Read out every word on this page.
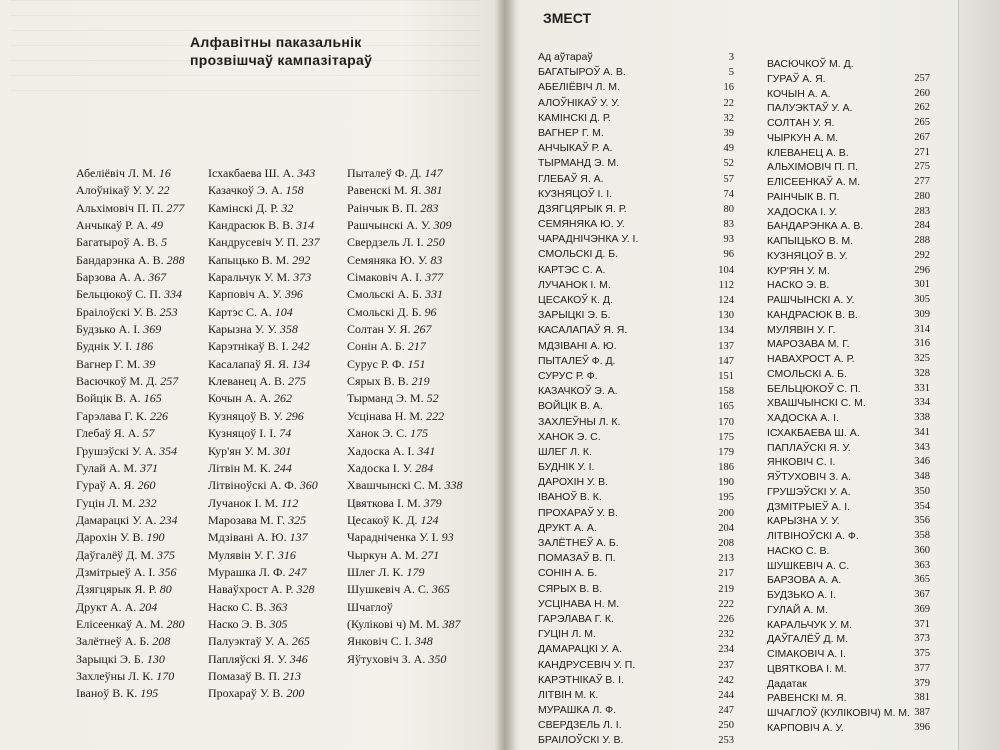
Алфавітны паказальнік
прозвішчаў кампазітараў
Абеліёвіч Л. М. 16
Алоўнікаў У. У. 22
Альхімовіч П. П. 277
Анчыкаў Р. А. 49
Багатыроў А. В. 5
Бандарэнка А. В. 288
Барзова А. А. 367
Бельцюкоў С. П. 334
Браілоўскі У. В. 253
Будзько А. І. 369
Буднік У. І. 186
Вагнер Г. М. 39
Васючкоў М. Д. 257
Войцік В. А. 165
Гарэлава Г. К. 226
Глебаў Я. А. 57
Грушэўскі У. А. 354
Гулай А. М. 371
Гураў А. Я. 260
Гуцін Л. М. 232
Дамарацкі У. А. 234
Дарохін У. В. 190
Даўгалёў Д. М. 375
Дзмітрыеў А. І. 356
Дзягцярык Я. Р. 80
Друкт А. А. 204
Елісеенкаў А. М. 280
Залётнеў А. Б. 208
Зарыцкі Э. Б. 130
Захлеўны Л. К. 170
Іваноў В. К. 195
Ісхакбаева Ш. А. 343
Казачкоў Э. А. 158
Камінскі Д. Р. 32
Кандрасюк В. В. 314
Кандрусевіч У. П. 237
Капыцько В. М. 292
Каральчук У. М. 373
Карповіч А. У. 396
Картэс С. А. 104
Карызна У. У. 358
Карэтнікаў В. І. 242
Касалапаў Я. Я. 134
Клеванец А. В. 275
Кочын А. А. 262
Кузняцоў В. У. 296
Кузняцоў І. І. 74
Кур'ян У. М. 301
Літвін М. К. 244
Літвіноўскі А. Ф. 360
Лучанок І. М. 112
Марозава М. Г. 325
Мдзівані А. Ю. 137
Мулявін У. Г. 316
Мурашка Л. Ф. 247
Наваўхрост А. Р. 328
Наско С. В. 363
Наско Э. В. 305
Палуэктаў У. А. 265
Папляўскі Я. У. 346
Помазаў В. П. 213
Прохараў У. В. 200
Пыталеў Ф. Д. 147
Равенскі М. Я. 381
Раінчык В. П. 283
Рашчынскі А. У. 309
Свердзель Л. І. 250
Семяняка Ю. У. 83
Сімаковіч А. І. 377
Смольскі А. Б. 331
Смольскі Д. Б. 96
Солтан У. Я. 267
Сонін А. Б. 217
Сурус Р. Ф. 151
Сярых В. В. 219
Тырманд Э. М. 52
Усцінава Н. М. 222
Ханок Э. С. 175
Хадоска А. І. 341
Хадоска І. У. 284
Хвашчынскі С. М. 338
Цвяткова І. М. 379
Цесакоў К. Д. 124
Чарадніченка У. І. 93
Чыркун А. М. 271
Шлег Л. К. 179
Шушкевіч А. С. 365
Шчаглоў
(Кулікові ч) М. М. 387
Янковіч С. І. 348
Яўтуховіч З. А. 350
ЗМЕСТ
Ад аўтараў	3
БАГАТЫРОЎ А. В.	5
АБЕЛІЁВІЧ Л. М.	16
АЛОЎНІКАЎ У. У.	22
КАМІНСКІ Д. Р.	32
ВАГНЕР Г. М.	39
АНЧЫКАЎ Р. А.	49
ТЫРМАНД Э. М.	52
ГЛЕБАЎ Я. А.	57
КУЗНЯЦОЎ І. І.	74
ДЗЯГЦЯРЫК Я. Р.	80
СЕМЯНЯКА Ю. У.	83
ЧАРАДНІЧЭНКА У. І.	93
СМОЛЬСКІ Д. Б.	96
КАРТЭС С. А.	104
ЛУЧАНОК І. М.	112
ЦЕСАКОЎ К. Д.	124
ЗАРЫЦКІ Э. Б.	130
КАСАЛАПАЎ Я. Я.	134
МДЗІВАНІ А. Ю.	137
ПЫТАЛЕЎ Ф. Д.	147
СУРУС Р. Ф.	151
КАЗАЧКОЎ Э. А.	158
ВОЙЦІК В. А.	165
ЗАХЛЕЎНЫ Л. К.	170
ХАНОК Э. С.	175
ШЛЕГ Л. К.	179
БУДНІК У. І.	186
ДАРОХІН У. В.	190
ІВАНОЎ В. К.	195
ПРОХАРАЎ У. В.	200
ДРУКТ А. А.	204
ЗАЛЁТНЕЎ А. Б.	208
ПОМАЗАЎ В. П.	213
СОНІН А. Б.	217
СЯРЫХ В. В.	219
УСЦІНАВА Н. М.	222
ГАРЭЛАВА Г. К.	226
ГУЦІН Л. М.	232
ДАМАРАЦКІ У. А.	234
КАНДРУСЕВІЧ У. П.	237
КАРЭТНІКАЎ В. І.	242
ЛІТВІН М. К.	244
МУРАШКА Л. Ф.	247
СВЕРДЗЕЛЬ Л. І.	250
БРАІЛОЎСКІ У. В.	253
ВАСЮЧКОЎ М. Д.
ГУРАЎ А. Я.	257
КОЧЫН А. А.	260
ПАЛУЭКТАЎ У. А.	262
СОЛТАН У. Я.	265
ЧЫРКУН А. М.	267
КЛЕВАНЕЦ А. В.	271
АЛЬХІМОВІЧ П. П.	275
ЕЛІСЕЕНКАЎ А. М.	277
РАІНЧЫК В. П.	280
ХАДОСКА І. У.	283
БАНДАРЭНКА А. В.	284
КАПЫЦЬКО В. М.	288
КУЗНЯЦОЎ В. У.	292
КУР'ЯН У. М.	296
НАСКО Э. В.	301
РАШЧЫНСКІ А. У.	305
КАНДРАСЮК В. В.	309
МУЛЯВІН У. Г.	314
МАРОЗАВА М. Г.	316
НАВАХРОСТ А. Р.	325
СМОЛЬСКІ А. Б.	328
БЕЛЬЦЮКОЎ С. П.	331
ХВАШЧЫНСКІ С. М.	334
ХАДОСКА А. І.	338
ІСХАКБАЕВА Ш. А.	341
ПАПЛАЎСКІ Я. У.	343
ЯНКОВІЧ С. І.	346
ЯЎТУХОВІЧ З. А.	348
ГРУШЭЎСКІ У. А.	350
ДЗМІТРЫЕЎ А. І.	354
КАРЫЗНА У. У.	356
ЛІТВІНОЎСКІ А. Ф.	358
НАСКО С. В.	360
ШУШКЕВІЧ А. С.	363
БАРЗОВА А. А.	365
БУДЗЬКО А. І.	367
ГУЛАЙ А. М.	369
КАРАЛЬЧУК У. М.	371
ДАЎГАЛЁЎ Д. М.	373
СІМАКОВІЧ А. І.	375
ЦВЯТКОВА І. М.	377
Дадатак	379
РАВЕНСКІ М. Я.	381
ШЧАГЛОЎ (КУЛІКОВІЧ) М. М. 387
КАРПОВІЧ А. У.	396
